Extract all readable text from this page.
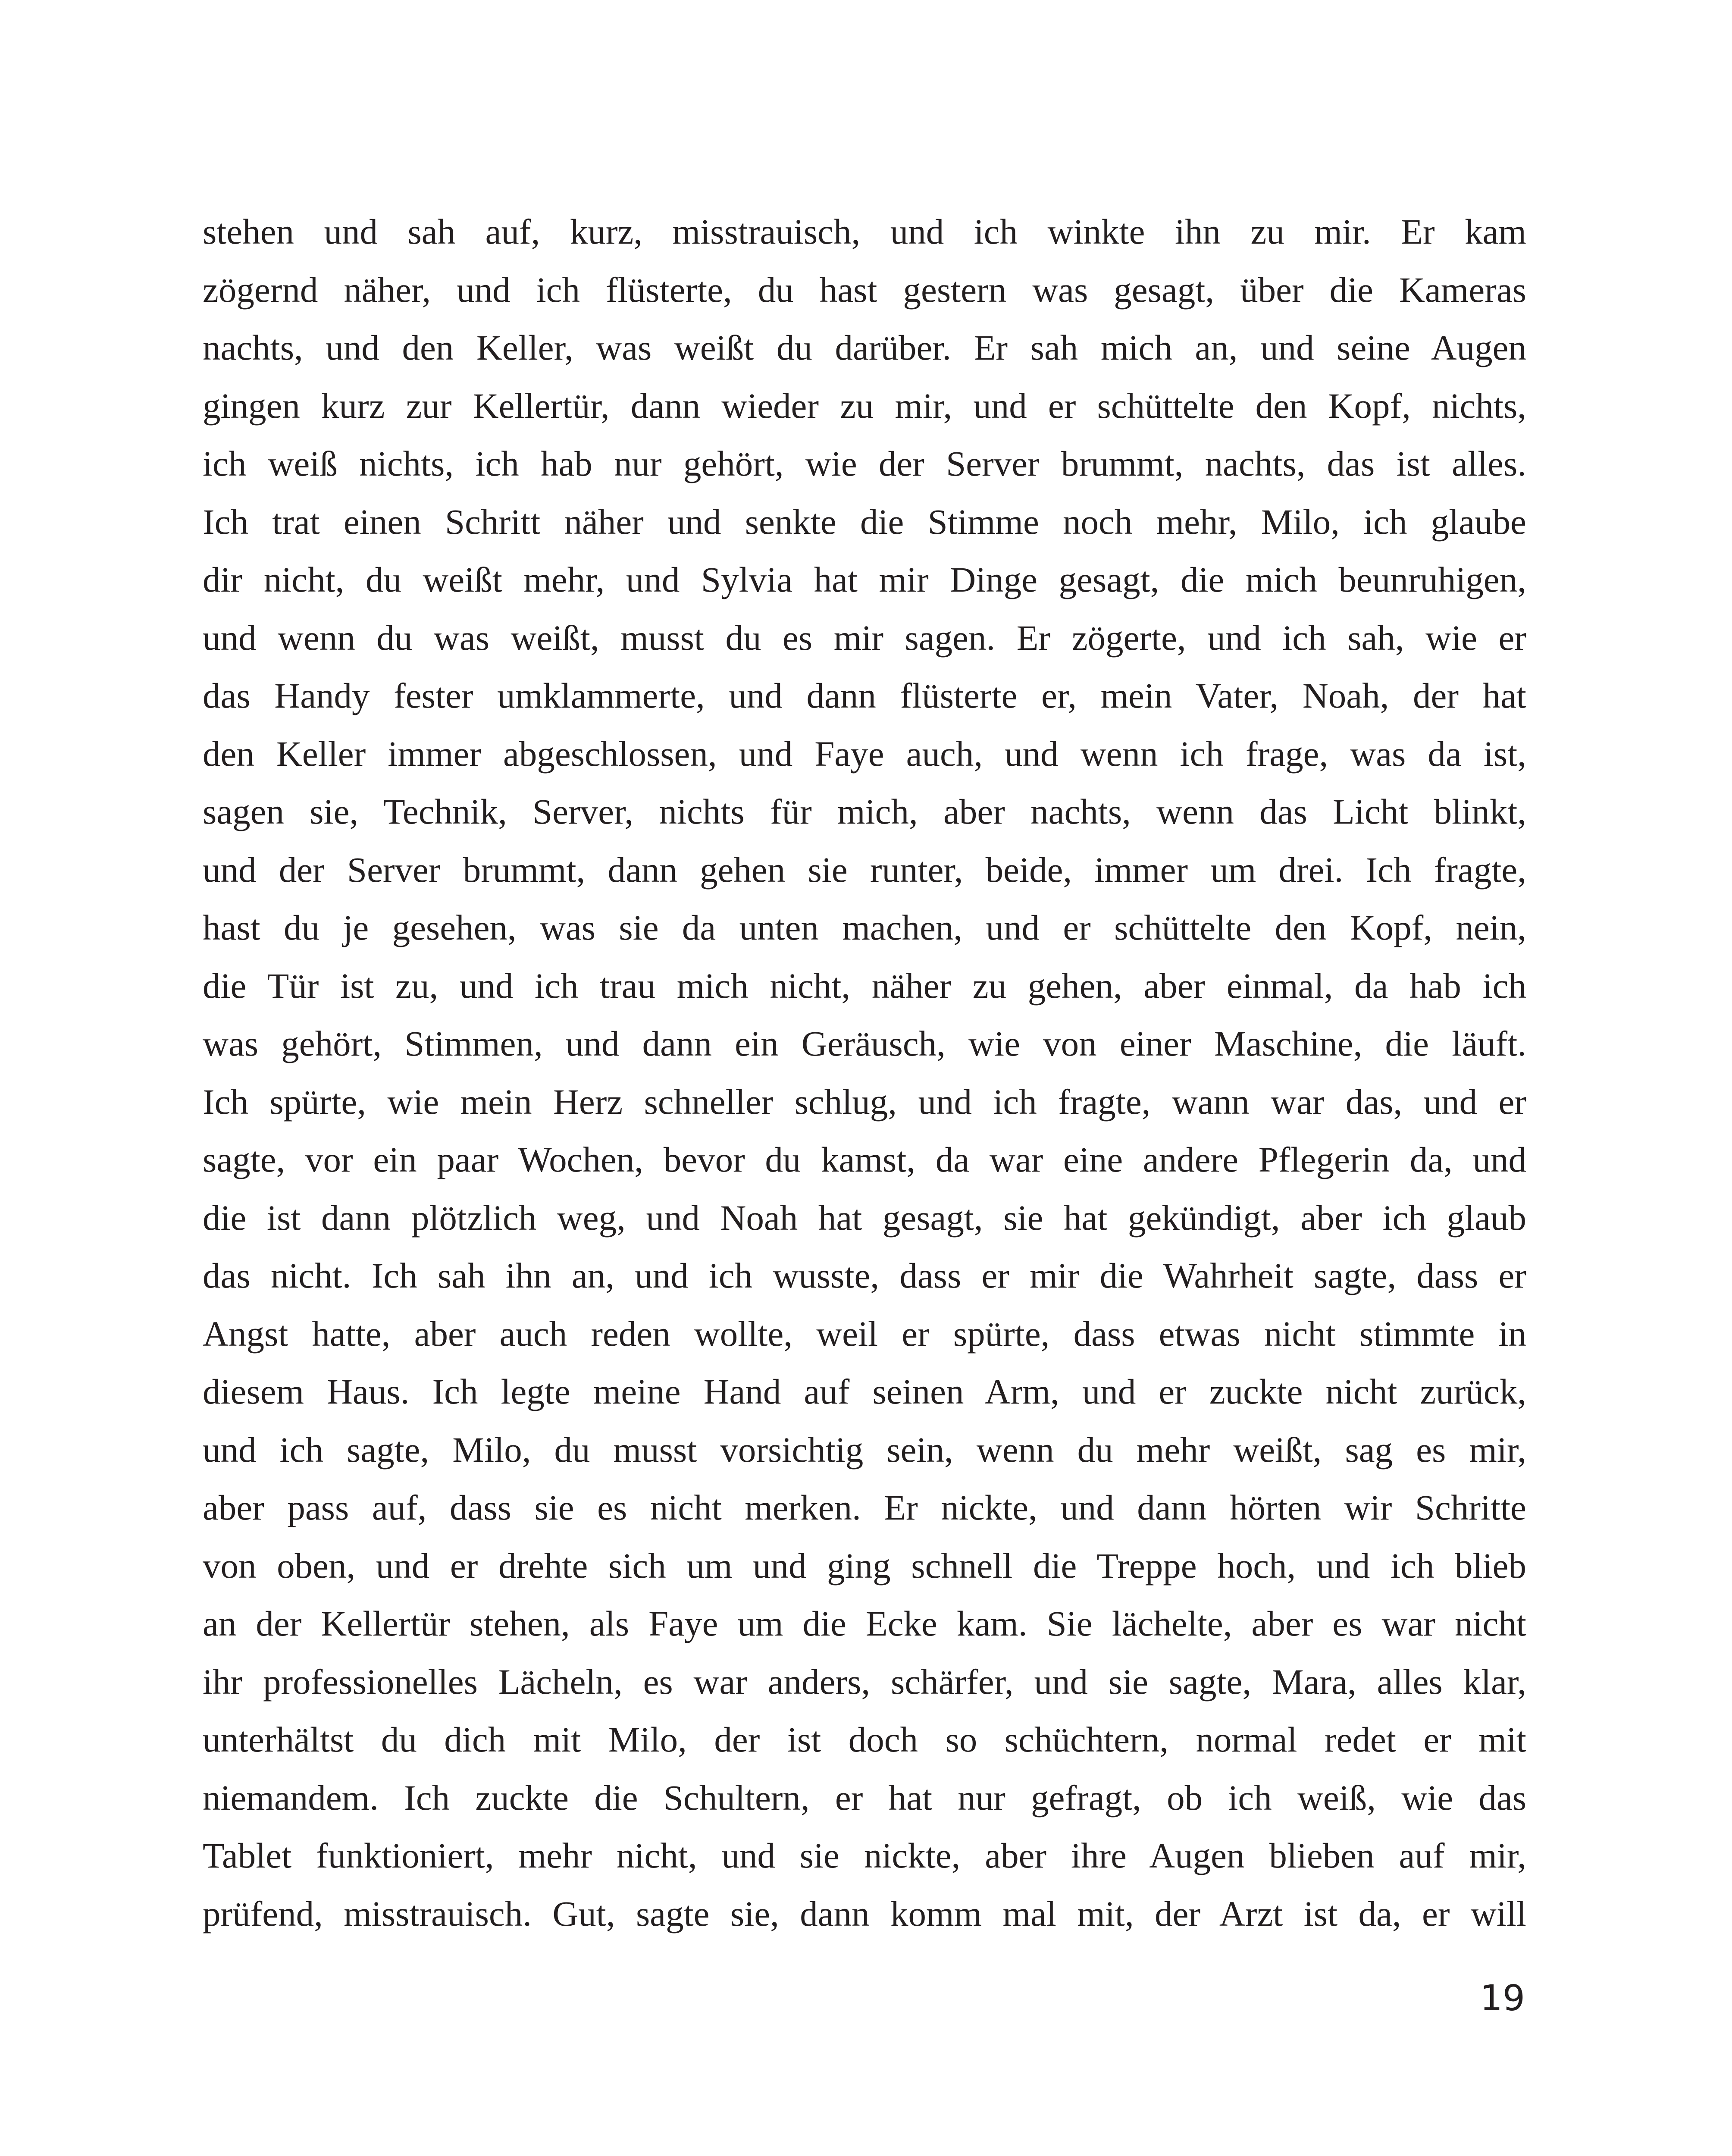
stehen und sah auf, kurz, misstrauisch, und ich winkte ihn zu mir. Er kam
zögernd näher, und ich flüsterte, du hast gestern was gesagt, über die Kameras
nachts, und den Keller, was weißt du darüber. Er sah mich an, und seine Augen
gingen kurz zur Kellertür, dann wieder zu mir, und er schüttelte den Kopf, nichts,
ich weiß nichts, ich hab nur gehört, wie der Server brummt, nachts, das ist alles.
Ich trat einen Schritt näher und senkte die Stimme noch mehr, Milo, ich glaube
dir nicht, du weißt mehr, und Sylvia hat mir Dinge gesagt, die mich beunruhigen,
und wenn du was weißt, musst du es mir sagen. Er zögerte, und ich sah, wie er
das Handy fester umklammerte, und dann flüsterte er, mein Vater, Noah, der hat
den Keller immer abgeschlossen, und Faye auch, und wenn ich frage, was da ist,
sagen sie, Technik, Server, nichts für mich, aber nachts, wenn das Licht blinkt,
und der Server brummt, dann gehen sie runter, beide, immer um drei. Ich fragte,
hast du je gesehen, was sie da unten machen, und er schüttelte den Kopf, nein,
die Tür ist zu, und ich trau mich nicht, näher zu gehen, aber einmal, da hab ich
was gehört, Stimmen, und dann ein Geräusch, wie von einer Maschine, die läuft.
Ich spürte, wie mein Herz schneller schlug, und ich fragte, wann war das, und er
sagte, vor ein paar Wochen, bevor du kamst, da war eine andere Pflegerin da, und
die ist dann plötzlich weg, und Noah hat gesagt, sie hat gekündigt, aber ich glaub
das nicht. Ich sah ihn an, und ich wusste, dass er mir die Wahrheit sagte, dass er
Angst hatte, aber auch reden wollte, weil er spürte, dass etwas nicht stimmte in
diesem Haus. Ich legte meine Hand auf seinen Arm, und er zuckte nicht zurück,
und ich sagte, Milo, du musst vorsichtig sein, wenn du mehr weißt, sag es mir,
aber pass auf, dass sie es nicht merken. Er nickte, und dann hörten wir Schritte
von oben, und er drehte sich um und ging schnell die Treppe hoch, und ich blieb
an der Kellertür stehen, als Faye um die Ecke kam. Sie lächelte, aber es war nicht
ihr professionelles Lächeln, es war anders, schärfer, und sie sagte, Mara, alles klar,
unterhältst du dich mit Milo, der ist doch so schüchtern, normal redet er mit
niemandem. Ich zuckte die Schultern, er hat nur gefragt, ob ich weiß, wie das
Tablet funktioniert, mehr nicht, und sie nickte, aber ihre Augen blieben auf mir,
prüfend, misstrauisch. Gut, sagte sie, dann komm mal mit, der Arzt ist da, er will
19
